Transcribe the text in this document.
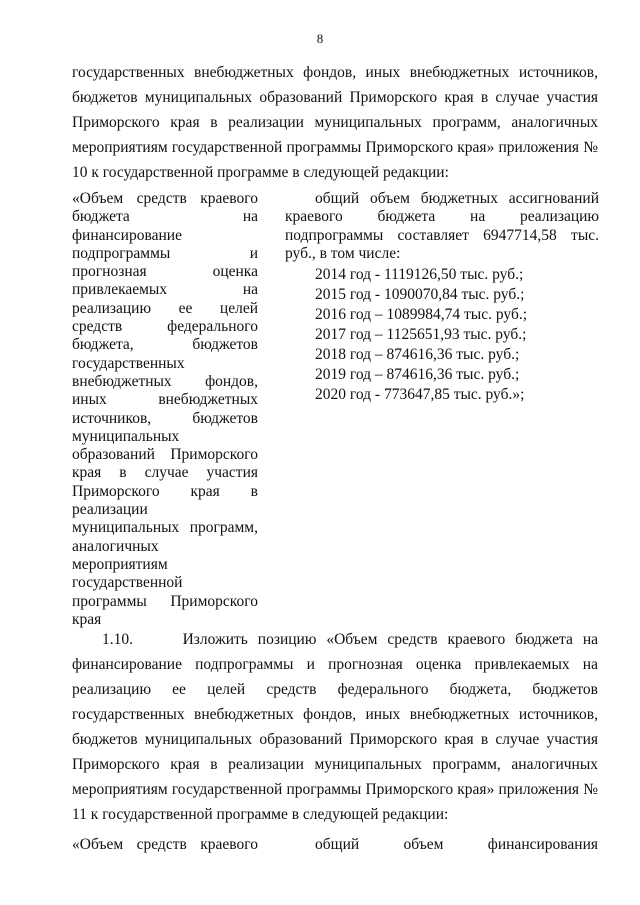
8
государственных внебюджетных фондов, иных внебюджетных источников, бюджетов муниципальных образований Приморского края в случае участия Приморского края в реализации муниципальных программ, аналогичных мероприятиям государственной программы Приморского края» приложения № 10 к государственной программе в следующей редакции:
«Объем средств краевого бюджета на финансирование подпрограммы и прогнозная оценка привлекаемых на реализацию ее целей средств федерального бюджета, бюджетов государственных внебюджетных фондов, иных внебюджетных источников, бюджетов муниципальных образований Приморского края в случае участия Приморского края в реализации муниципальных программ, аналогичных мероприятиям государственной программы Приморского
края
общий объем бюджетных ассигнований краевого бюджета на реализацию подпрограммы составляет 6947714,58 тыс. руб., в том числе:
2014 год - 1119126,50 тыс. руб.;
2015 год - 1090070,84 тыс. руб.;
2016 год – 1089984,74 тыс. руб.;
2017 год – 1125651,93 тыс. руб.;
2018 год – 874616,36 тыс. руб.;
2019 год – 874616,36 тыс. руб.;
2020 год - 773647,85 тыс. руб.»;
1.10.	Изложить позицию «Объем средств краевого бюджета на финансирование подпрограммы и прогнозная оценка привлекаемых на реализацию ее целей средств федерального бюджета, бюджетов государственных внебюджетных фондов, иных внебюджетных источников, бюджетов муниципальных образований Приморского края в случае участия Приморского края в реализации муниципальных программ, аналогичных мероприятиям государственной программы Приморского края» приложения № 11 к государственной программе в следующей редакции:
«Объем средств краевого	общий объем финансирования
